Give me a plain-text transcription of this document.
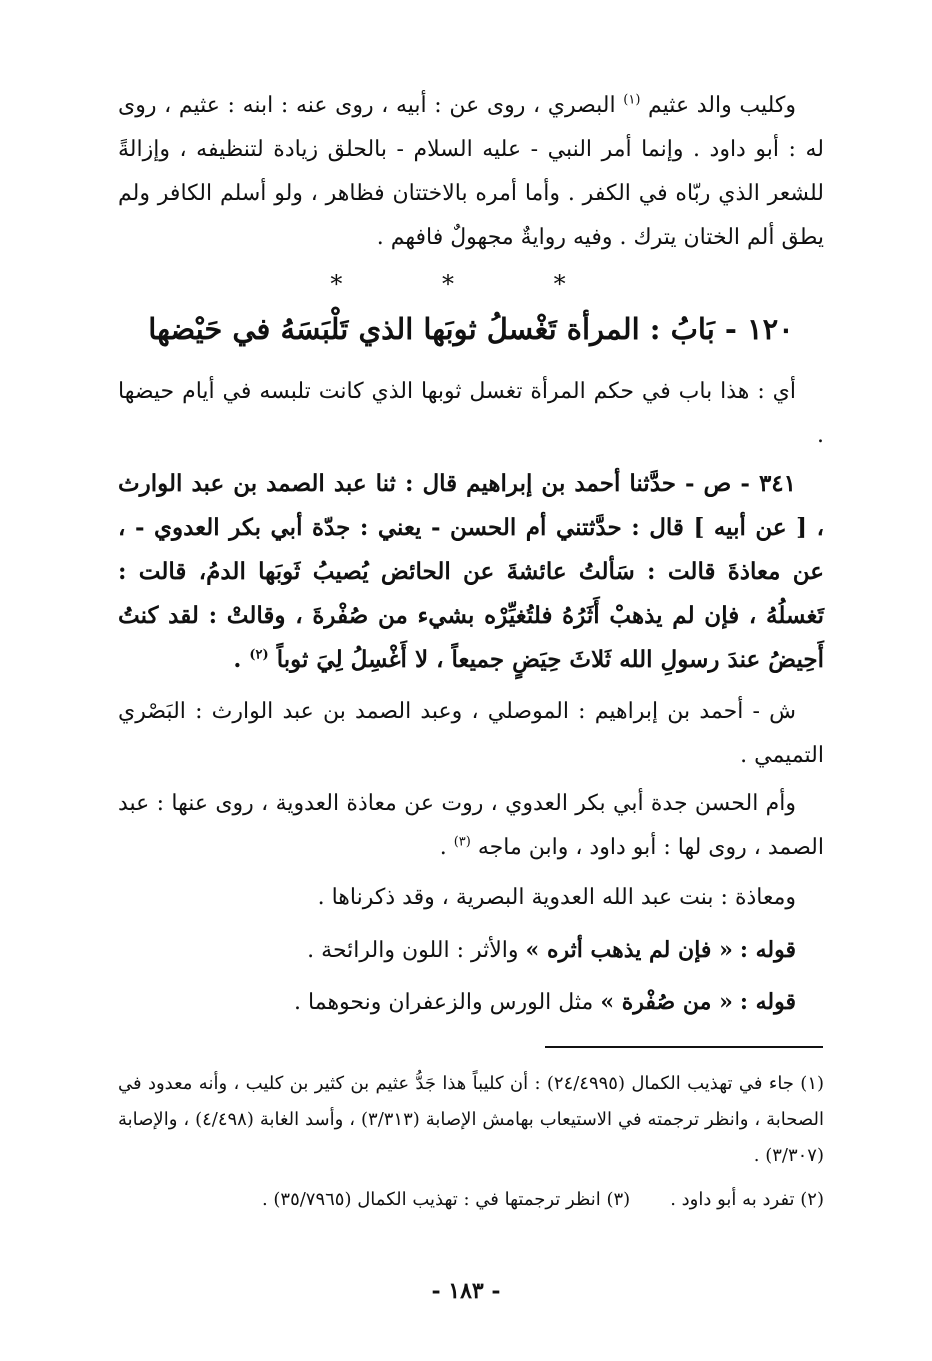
وكليب والد عثيم $^{(١)}$ البصري ، روى عن : أبيه ، روى عنه : ابنه : عثيم ، روى له : أبو داود . وإنما أمر النبي - عليه السلام - بالحلق زيادة لتنظيفه ، وإزالةً للشعر الذي ربّاه في الكفر . وأما أمره بالاختتان فظاهر ، ولو أسلم الكافر ولم يطق ألم الختان يترك . وفيه روايةٌ مجهولٌ فافهم .

* * *
١٢٠ - بَابُ : المرأة تَغْسلُ ثوبَها الذي تَلْبَسَهُ في حَيْضها

أي : هذا باب في حكم المرأة تغسل ثوبها الذي كانت تلبسه في أيام حيضها .

٣٤١ - ص - حدَّثنا أحمد بن إبراهيم قال : ثنا عبد الصمد بن عبد الوارث ، [ عن أبيه ] قال : حدَّثتني أم الحسن - يعني : جدّة أبي بكر العدوي - ، عن معاذةَ قالت : سَألتُ عائشةَ عن الحائض يُصيبُ ثَوبَها الدمُ، قالت : تَغسلُهُ ، فإن لم يذهبْ أَثَرُهُ فلتُغيِّرْه بشيء من صُفْرةَ ، وقالتْ : لقد كنتُ أَحِيضُ عندَ رسولِ الله ثَلاثَ حِيَضٍ جميعاً ، لا أَغْسِلُ لِيَ ثوباً $^{(٢)}$ .

ش - أحمد بن إبراهيم : الموصلي ، وعبد الصمد بن عبد الوارث : البَصْري التميمي .

وأم الحسن جدة أبي بكر العدوي ، روت عن معاذة العدوية ، روى عنها : عبد الصمد ، روى لها : أبو داود ، وابن ماجه $^{(٣)}$ .

ومعاذة : بنت عبد الله العدوية البصرية ، وقد ذكرناها .

قوله : « فإن لم يذهب أثره » والأثر : اللون والرائحة .

قوله : « من صُفْرة » مثل الورس والزعفران ونحوهما .

(١) جاء في تهذيب الكمال (٢٤/٤٩٩٥) : أن كليباً هذا جَدُّ عثيم بن كثير بن كليب ، وأنه معدود في الصحابة ، وانظر ترجمته في الاستيعاب بهامش الإصابة (٣/٣١٣) ، وأسد الغابة (٤/٤٩٨) ، والإصابة (٣/٣٠٧) .

(٢) تفرد به أبو داود .(٣) انظر ترجمتها في : تهذيب الكمال (٣٥/٧٩٦٥) .
- ١٨٣ -
